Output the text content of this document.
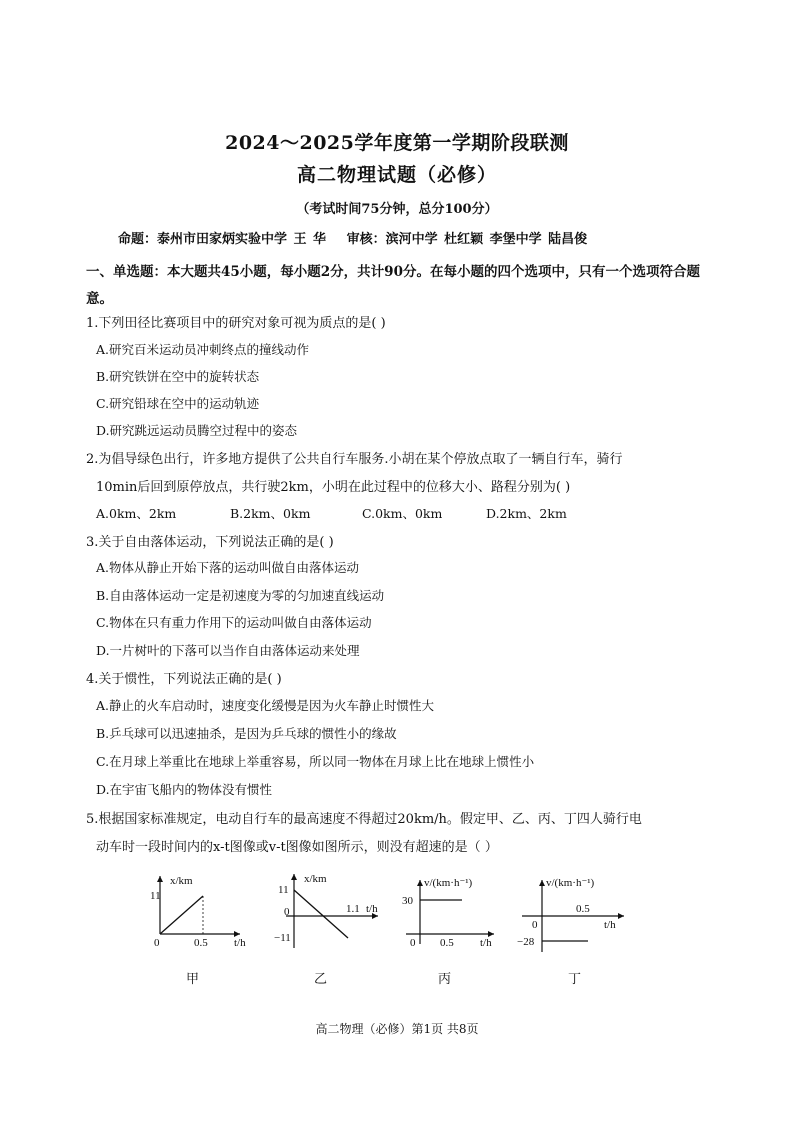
2024～2025学年度第一学期阶段联测
高二物理试题（必修）
（考试时间75分钟，总分100分）
命题：泰州市田家炳实验中学 王 华 审核：滨河中学 杜红颖 李堡中学 陆昌俊
一、单选题：本大题共45小题，每小题2分，共计90分。在每小题的四个选项中，只有一个选项符合题意。
1.下列田径比赛项目中的研究对象可视为质点的是( )
A.研究百米运动员冲刺终点的撞线动作
B.研究铁饼在空中的旋转状态
C.研究铅球在空中的运动轨迹
D.研究跳远运动员腾空过程中的姿态
2.为倡导绿色出行，许多地方提供了公共自行车服务.小胡在某个停放点取了一辆自行车，骑行
10min后回到原停放点，共行驶2km，小明在此过程中的位移大小、路程分别为( )
A.0km、2km	B.2km、0km	C.0km、0km	D.2km、2km
3.关于自由落体运动，下列说法正确的是( )
A.物体从静止开始下落的运动叫做自由落体运动
B.自由落体运动一定是初速度为零的匀加速直线运动
C.物体在只有重力作用下的运动叫做自由落体运动
D.一片树叶的下落可以当作自由落体运动来处理
4.关于惯性，下列说法正确的是( )
A.静止的火车启动时，速度变化缓慢是因为火车静止时惯性大
B.乒乓球可以迅速抽杀，是因为乒乓球的惯性小的缘故
C.在月球上举重比在地球上举重容易，所以同一物体在月球上比在地球上惯性小
D.在宇宙飞船内的物体没有惯性
5.根据国家标准规定，电动自行车的最高速度不得超过20km/h。假定甲、乙、丙、丁四人骑行电
动车时一段时间内的x-t图像或v-t图像如图所示，则没有超速的是（ ）
x/km
11
0.5 t/h
0
甲
x/km
11
−11
1.1 t/h
0
乙
v/(km·h⁻¹)
30
0.5 t/h
0
丙
v/(km·h⁻¹)
−28
0.5
t/h
0
丁
高二物理（必修）第1页 共8页
